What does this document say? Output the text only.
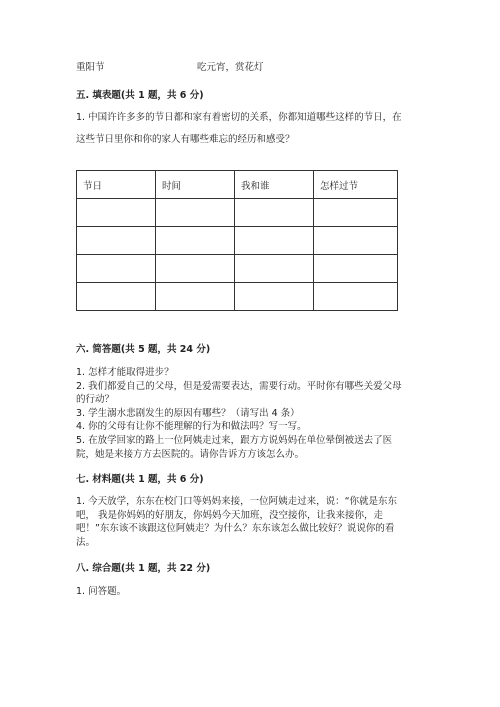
重阳节	吃元宵，赏花灯
五. 填表题(共 1 题，共 6 分)
1. 中国许许多多的节日都和家有着密切的关系，你都知道哪些这样的节日，在
这些节日里你和你的家人有哪些难忘的经历和感受？
节日	时间	我和谁	怎样过节

六. 简答题(共 5 题，共 24 分)
1. 怎样才能取得进步？
2. 我们都爱自己的父母，但是爱需要表达，需要行动。平时你有哪些关爱父母
的行动？
3. 学生溺水悲剧发生的原因有哪些？（请写出 4 条）
4. 你的父母有让你不能理解的行为和做法吗？写一写。
5. 在放学回家的路上一位阿姨走过来，跟方方说妈妈在单位晕倒被送去了医
院，她是来接方方去医院的。请你告诉方方该怎么办。
七. 材料题(共 1 题，共 6 分)
1. 今天放学，东东在校门口等妈妈来接，一位阿姨走过来，说：“你就是东东
吧， 我是你妈妈的好朋友，你妈妈今天加班，没空接你，让我来接你，走
吧！”东东该不该跟这位阿姨走？为什么？东东该怎么做比较好？说说你的看
法。
八. 综合题(共 1 题，共 22 分)
1. 问答题。
